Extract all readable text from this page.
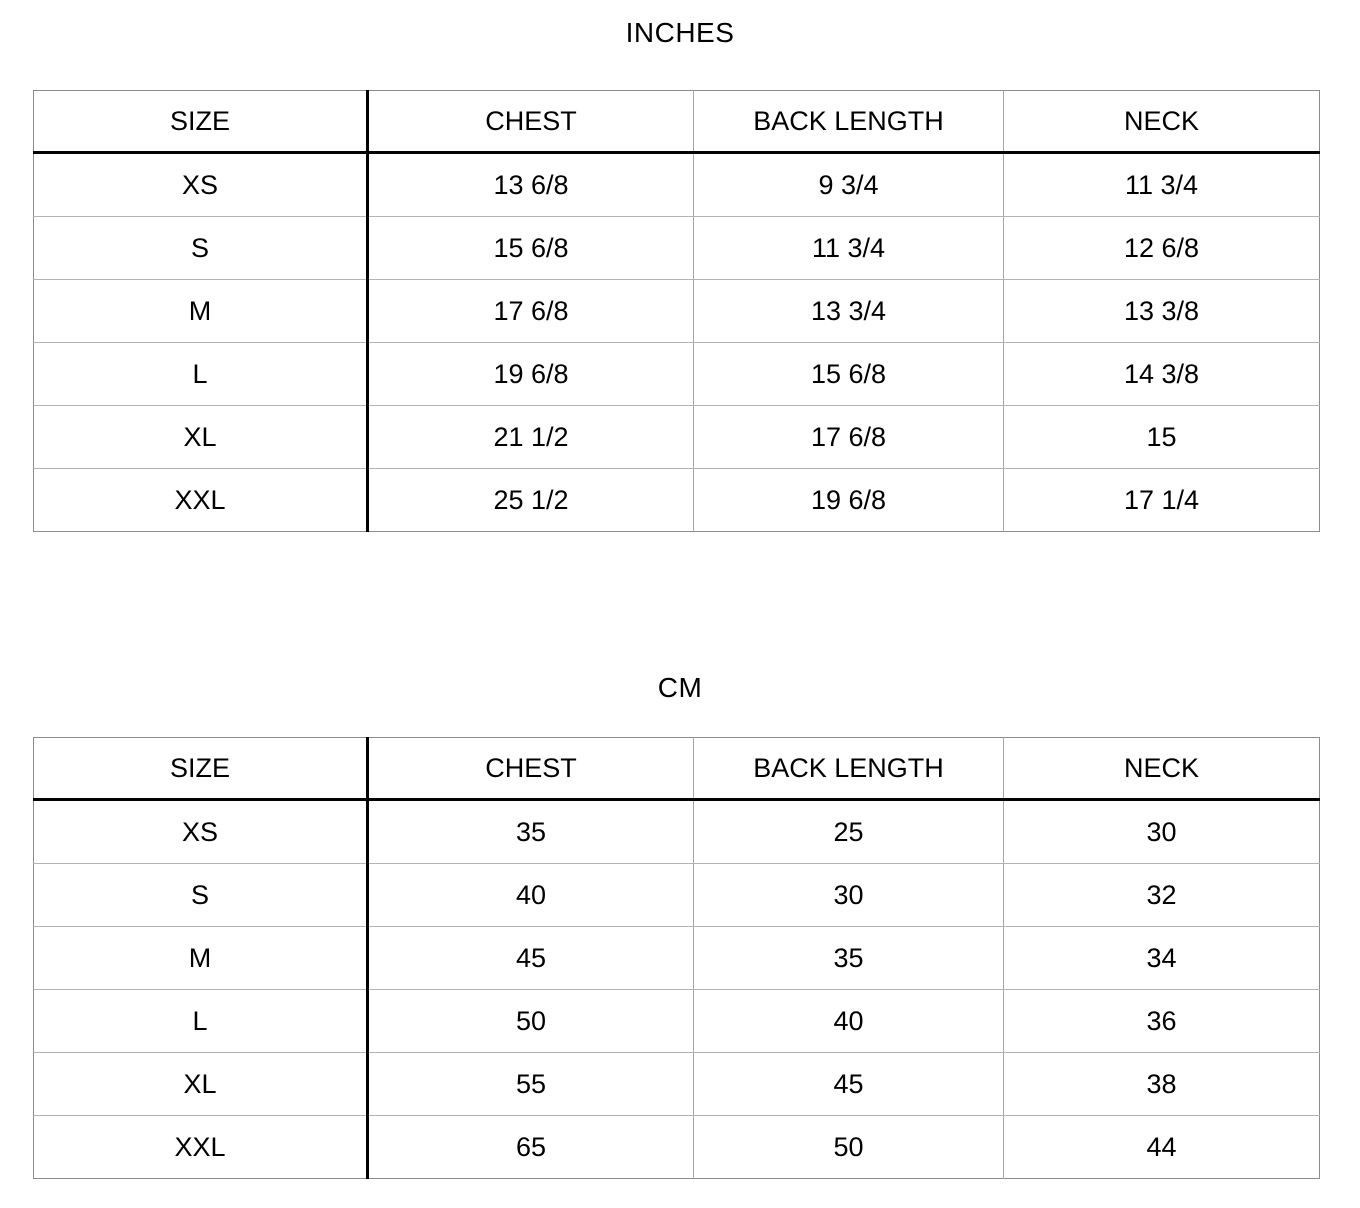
INCHES
SIZE	CHEST	BACK LENGTH	NECK
XS	13 6/8	9 3/4	11 3/4
S	15 6/8	11 3/4	12 6/8
M	17 6/8	13 3/4	13 3/8
L	19 6/8	15 6/8	14 3/8
XL	21 1/2	17 6/8	15
XXL	25 1/2	19 6/8	17 1/4
CM
SIZE	CHEST	BACK LENGTH	NECK
XS	35	25	30
S	40	30	32
M	45	35	34
L	50	40	36
XL	55	45	38
XXL	65	50	44
